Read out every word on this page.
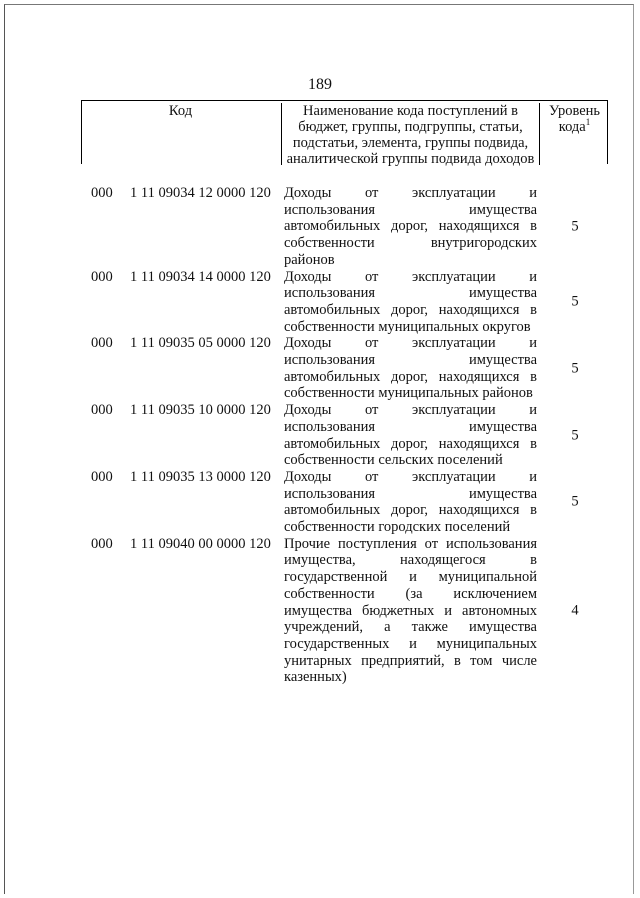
189
Код	Наименование кода поступлений в бюджет, группы, подгруппы, статьи, подстатьи, элемента, группы подвида, аналитической группы подвида доходов
Уровень кода$^1$
000 1 11 09034 12 0000 120 Доходы от эксплуатации и использования имущества автомобильных дорог, находящихся в собственности внутригородских районов
5
000 1 11 09034 14 0000 120 Доходы от эксплуатации и использования имущества автомобильных дорог, находящихся в собственности муниципальных округов
5
000 1 11 09035 05 0000 120 Доходы от эксплуатации и использования имущества автомобильных дорог, находящихся в собственности муниципальных районов
5
000 1 11 09035 10 0000 120 Доходы от эксплуатации и использования имущества автомобильных дорог, находящихся в собственности сельских поселений
5
000 1 11 09035 13 0000 120 Доходы от эксплуатации и использования имущества автомобильных дорог, находящихся в собственности городских поселений
5
000 1 11 09040 00 0000 120 Прочие поступления от использования имущества, находящегося в государственной и муниципальной собственности (за исключением имущества бюджетных и автономных учреждений, а также имущества государственных и муниципальных унитарных предприятий, в том числе казенных)
4
